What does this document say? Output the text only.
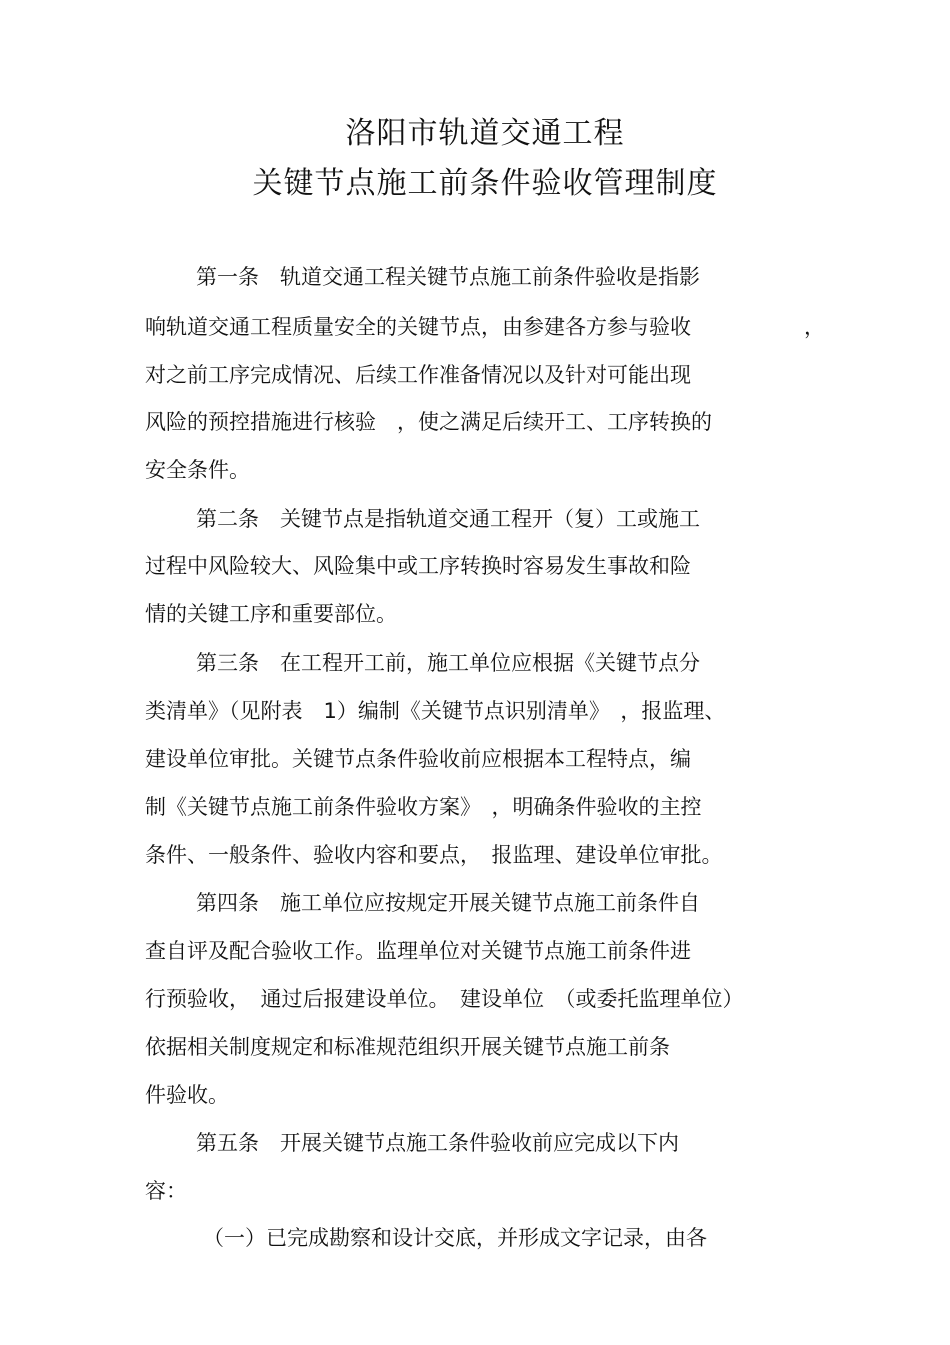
洛阳市轨道交通工程
关键节点施工前条件验收管理制度
第一条　轨道交通工程关键节点施工前条件验收是指影
响轨道交通工程质量安全的关键节点，由参建各方参与验收	，
对之前工序完成情况、后续工作准备情况以及针对可能出现
风险的预控措施进行核验　，使之满足后续开工、工序转换的
安全条件。
第二条　关键节点是指轨道交通工程开（复）工或施工
过程中风险较大、风险集中或工序转换时容易发生事故和险
情的关键工序和重要部位。
第三条　在工程开工前，施工单位应根据《关键节点分
类清单》（见附表　1）编制《关键节点识别清单》　，报监理、
建设单位审批。关键节点条件验收前应根据本工程特点，编
制《关键节点施工前条件验收方案》　，明确条件验收的主控
条件、一般条件、验收内容和要点，　报监理、建设单位审批。
第四条　施工单位应按规定开展关键节点施工前条件自
查自评及配合验收工作。监理单位对关键节点施工前条件进
行预验收，　通过后报建设单位。　建设单位　（或委托监理单位）
依据相关制度规定和标准规范组织开展关键节点施工前条
件验收。
第五条　开展关键节点施工条件验收前应完成以下内
容：
（一）已完成勘察和设计交底，并形成文字记录，由各
